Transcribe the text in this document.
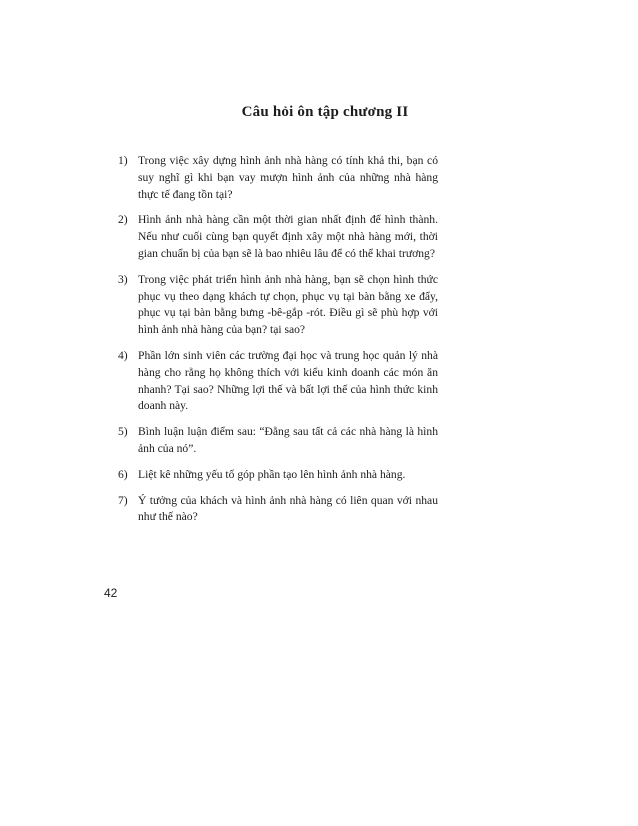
Câu hỏi ôn tập chương II
1) Trong việc xây dựng hình ảnh nhà hàng có tính khả thi, bạn có suy nghĩ gì khi bạn vay mượn hình ảnh của những nhà hàng thực tế đang tồn tại?
2) Hình ảnh nhà hàng cần một thời gian nhất định để hình thành. Nếu như cuối cùng bạn quyết định xây một nhà hàng mới, thời gian chuẩn bị của bạn sẽ là bao nhiêu lâu để có thể khai trương?
3) Trong việc phát triển hình ảnh nhà hàng, bạn sẽ chọn hình thức phục vụ theo dạng khách tự chọn, phục vụ tại bàn bằng xe đẩy, phục vụ tại bàn bằng bưng -bê-gắp -rót. Điều gì sẽ phù hợp với hình ảnh nhà hàng của bạn? tại sao?
4) Phần lớn sinh viên các trường đại học và trung học quản lý nhà hàng cho rằng họ không thích với kiểu kinh doanh các món ăn nhanh? Tại sao? Những lợi thế và bất lợi thế của hình thức kinh doanh này.
5) Bình luận luận điểm sau: “Đằng sau tất cả các nhà hàng là hình ảnh của nó”.
6) Liệt kê những yếu tố góp phần tạo lên hình ảnh nhà hàng.
7) Ý tưởng của khách và hình ảnh nhà hàng có liên quan với nhau như thế nào?
42
